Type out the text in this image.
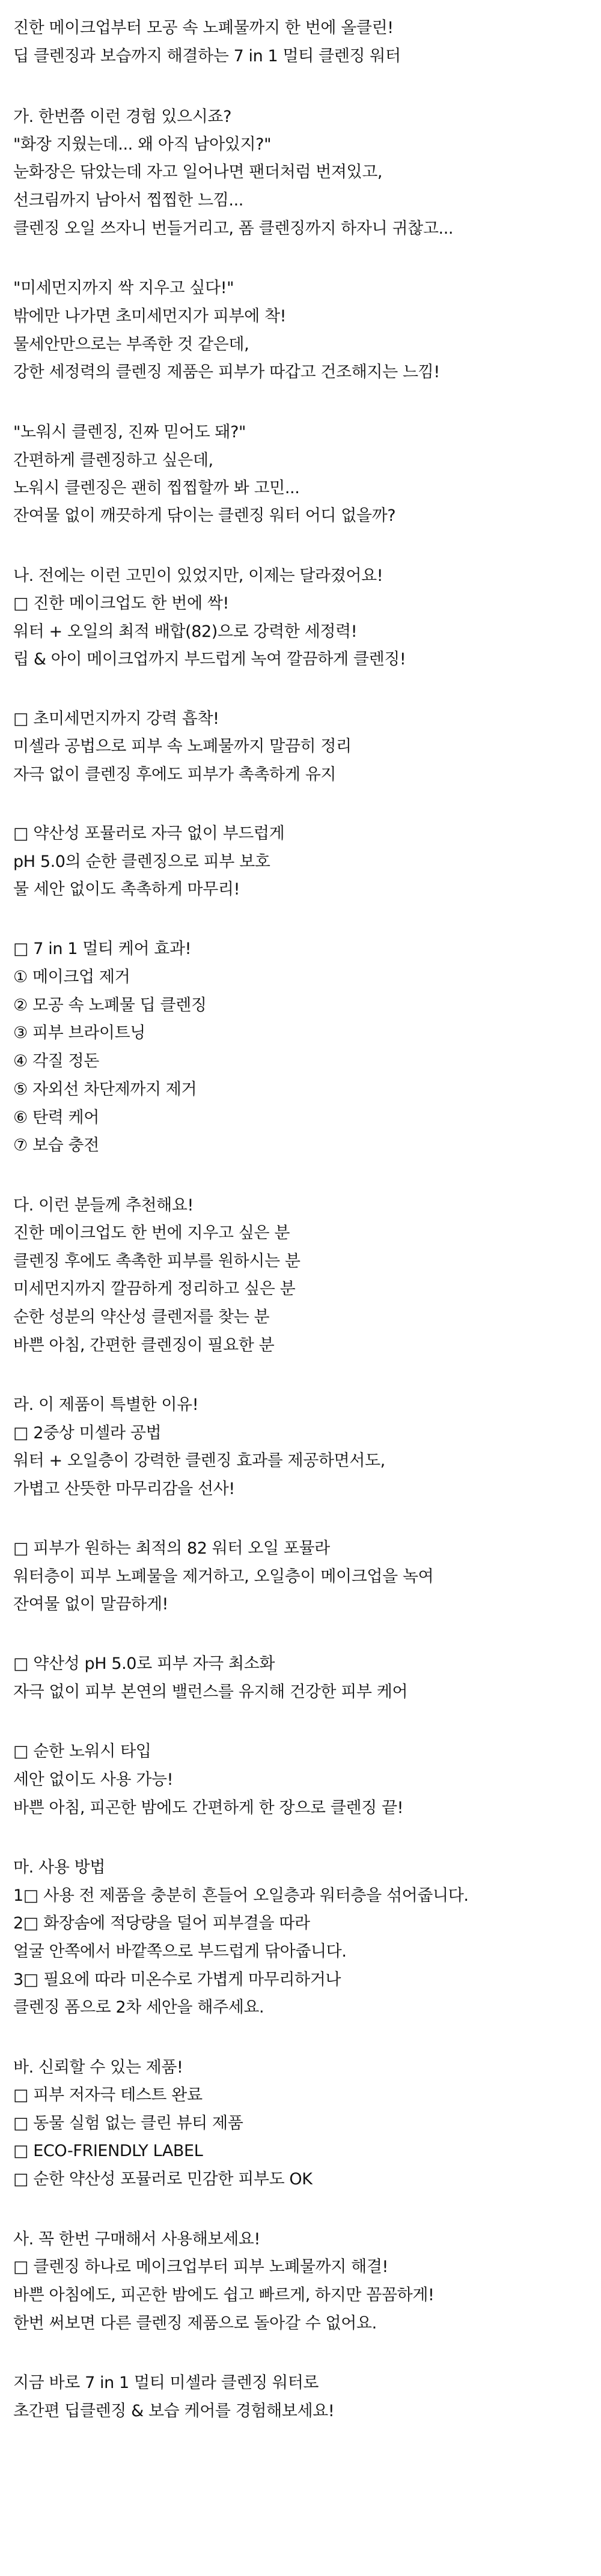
진한 메이크업부터 모공 속 노폐물까지 한 번에 올클린!
딥 클렌징과 보습까지 해결하는 7 in 1 멀티 클렌징 워터
가. 한번쯤 이런 경험 있으시죠?
"화장 지웠는데... 왜 아직 남아있지?"
눈화장은 닦았는데 자고 일어나면 팬더처럼 번져있고,
선크림까지 남아서 찝찝한 느낌...
클렌징 오일 쓰자니 번들거리고, 폼 클렌징까지 하자니 귀찮고...
"미세먼지까지 싹 지우고 싶다!"
밖에만 나가면 초미세먼지가 피부에 착!
물세안만으로는 부족한 것 같은데,
강한 세정력의 클렌징 제품은 피부가 따갑고 건조해지는 느낌!
"노워시 클렌징, 진짜 믿어도 돼?"
간편하게 클렌징하고 싶은데,
노워시 클렌징은 괜히 찝찝할까 봐 고민...
잔여물 없이 깨끗하게 닦이는 클렌징 워터 어디 없을까?
나. 전에는 이런 고민이 있었지만, 이제는 달라졌어요!
□ 진한 메이크업도 한 번에 싹!
워터 + 오일의 최적 배합(82)으로 강력한 세정력!
립 & 아이 메이크업까지 부드럽게 녹여 깔끔하게 클렌징!
□ 초미세먼지까지 강력 흡착!
미셀라 공법으로 피부 속 노폐물까지 말끔히 정리
자극 없이 클렌징 후에도 피부가 촉촉하게 유지
□ 약산성 포뮬러로 자극 없이 부드럽게
pH 5.0의 순한 클렌징으로 피부 보호
물 세안 없이도 촉촉하게 마무리!
□ 7 in 1 멀티 케어 효과!
① 메이크업 제거
② 모공 속 노폐물 딥 클렌징
③ 피부 브라이트닝
④ 각질 정돈
⑤ 자외선 차단제까지 제거
⑥ 탄력 케어
⑦ 보습 충전
다. 이런 분들께 추천해요!
진한 메이크업도 한 번에 지우고 싶은 분
클렌징 후에도 촉촉한 피부를 원하시는 분
미세먼지까지 깔끔하게 정리하고 싶은 분
순한 성분의 약산성 클렌저를 찾는 분
바쁜 아침, 간편한 클렌징이 필요한 분
라. 이 제품이 특별한 이유!
□ 2중상 미셀라 공법
워터 + 오일층이 강력한 클렌징 효과를 제공하면서도,
가볍고 산뜻한 마무리감을 선사!
□ 피부가 원하는 최적의 82 워터 오일 포뮬라
워터층이 피부 노폐물을 제거하고, 오일층이 메이크업을 녹여
잔여물 없이 말끔하게!
□ 약산성 pH 5.0로 피부 자극 최소화
자극 없이 피부 본연의 밸런스를 유지해 건강한 피부 케어
□ 순한 노워시 타입
세안 없이도 사용 가능!
바쁜 아침, 피곤한 밤에도 간편하게 한 장으로 클렌징 끝!
마. 사용 방법
1□ 사용 전 제품을 충분히 흔들어 오일층과 워터층을 섞어줍니다.
2□ 화장솜에 적당량을 덜어 피부결을 따라
얼굴 안쪽에서 바깥쪽으로 부드럽게 닦아줍니다.
3□ 필요에 따라 미온수로 가볍게 마무리하거나
클렌징 폼으로 2차 세안을 해주세요.
바. 신뢰할 수 있는 제품!
□ 피부 저자극 테스트 완료
□ 동물 실험 없는 클린 뷰티 제품
□ ECO-FRIENDLY LABEL
□ 순한 약산성 포뮬러로 민감한 피부도 OK
사. 꼭 한번 구매해서 사용해보세요!
□ 클렌징 하나로 메이크업부터 피부 노폐물까지 해결!
바쁜 아침에도, 피곤한 밤에도 쉽고 빠르게, 하지만 꼼꼼하게!
한번 써보면 다른 클렌징 제품으로 돌아갈 수 없어요.
지금 바로 7 in 1 멀티 미셀라 클렌징 워터로
초간편 딥클렌징 & 보습 케어를 경험해보세요!
